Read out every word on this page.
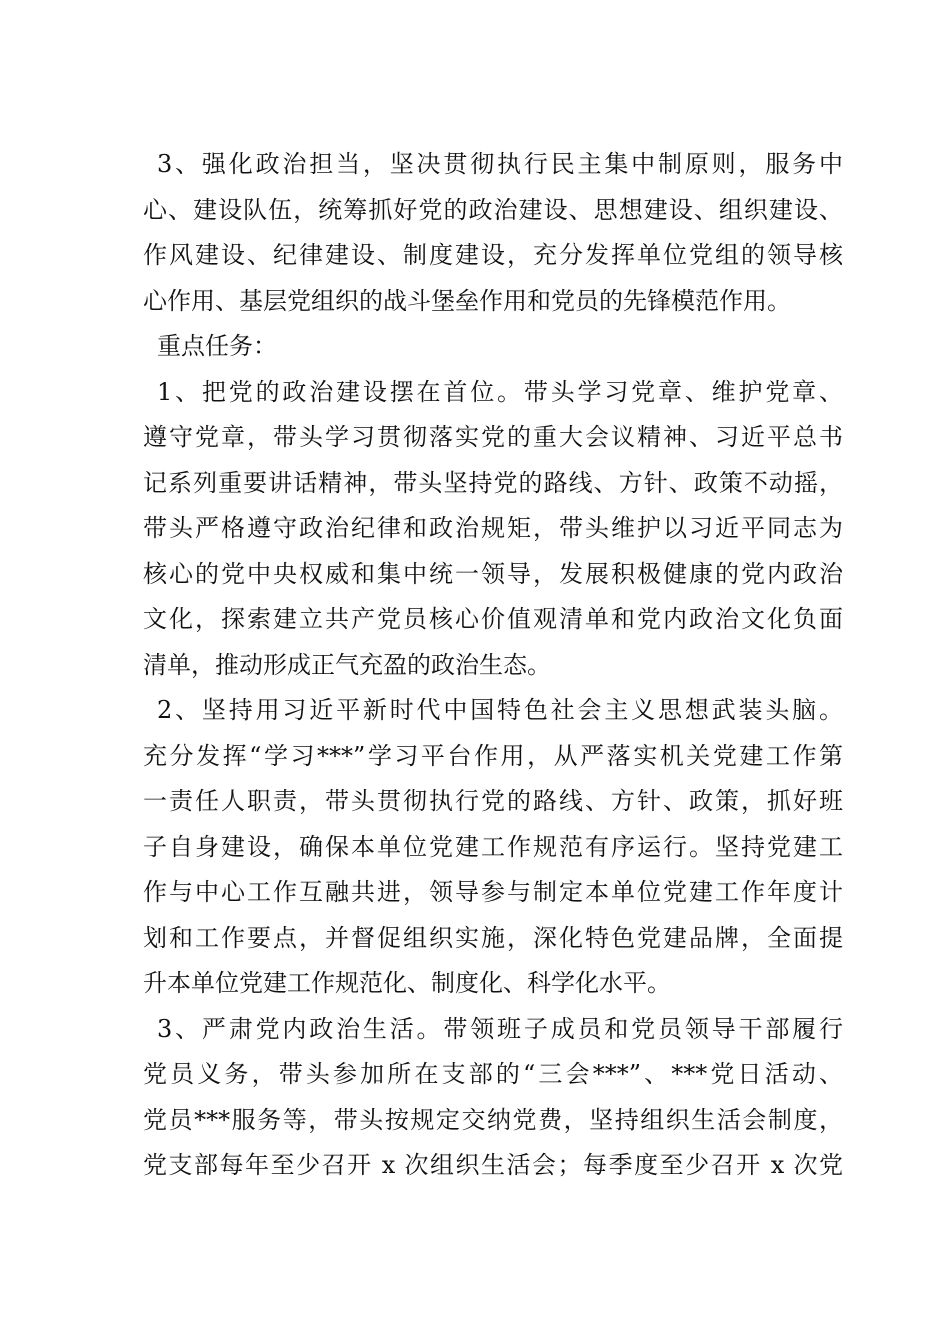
3、强化政治担当，坚决贯彻执行民主集中制原则，服务中
心、建设队伍，统筹抓好党的政治建设、思想建设、组织建设、
作风建设、纪律建设、制度建设，充分发挥单位党组的领导核
心作用、基层党组织的战斗堡垒作用和党员的先锋模范作用。
重点任务：
1、把党的政治建设摆在首位。带头学习党章、维护党章、
遵守党章，带头学习贯彻落实党的重大会议精神、习近平总书
记系列重要讲话精神，带头坚持党的路线、方针、政策不动摇，
带头严格遵守政治纪律和政治规矩，带头维护以习近平同志为
核心的党中央权威和集中统一领导，发展积极健康的党内政治
文化，探索建立共产党员核心价值观清单和党内政治文化负面
清单，推动形成正气充盈的政治生态。
2、坚持用习近平新时代中国特色社会主义思想武装头脑。
充分发挥“学习***”学习平台作用，从严落实机关党建工作第
一责任人职责，带头贯彻执行党的路线、方针、政策，抓好班
子自身建设，确保本单位党建工作规范有序运行。坚持党建工
作与中心工作互融共进，领导参与制定本单位党建工作年度计
划和工作要点，并督促组织实施，深化特色党建品牌，全面提
升本单位党建工作规范化、制度化、科学化水平。
3、严肃党内政治生活。带领班子成员和党员领导干部履行
党员义务，带头参加所在支部的“三会***”、***党日活动、
党员***服务等，带头按规定交纳党费，坚持组织生活会制度，
党支部每年至少召开 x 次组织生活会；每季度至少召开 x 次党
